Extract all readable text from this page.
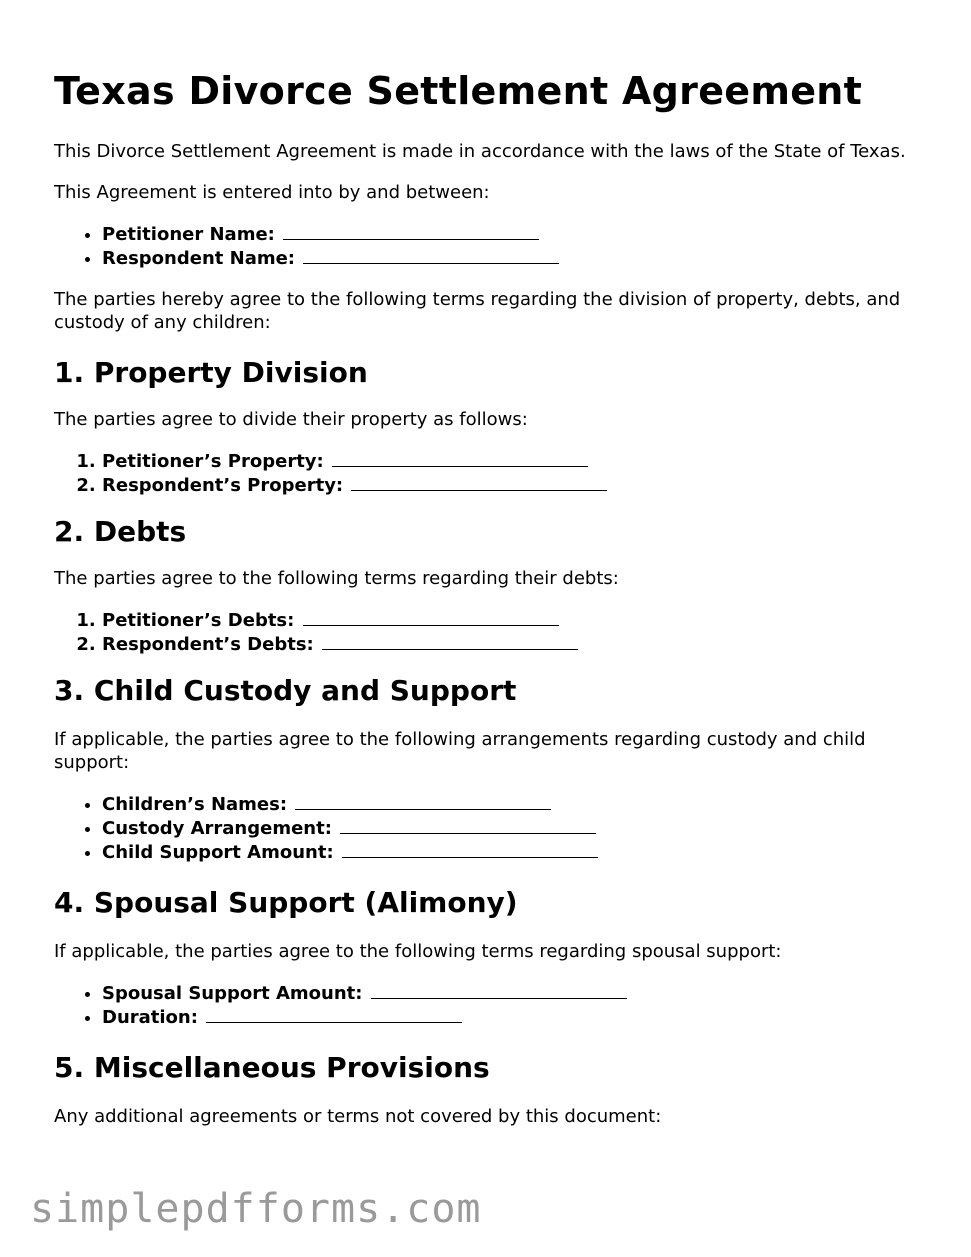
Texas Divorce Settlement Agreement

This Divorce Settlement Agreement is made in accordance with the laws of the State of Texas.

This Agreement is entered into by and between:

• Petitioner Name:
• Respondent Name:

The parties hereby agree to the following terms regarding the division of property, debts, and custody of any children:

1. Property Division

The parties agree to divide their property as follows:

1. Petitioner’s Property:
2. Respondent’s Property:
2. Debts

The parties agree to the following terms regarding their debts:

1. Petitioner’s Debts:
2. Respondent’s Debts:
3. Child Custody and Support

If applicable, the parties agree to the following arrangements regarding custody and child support:

• Children’s Names:
• Custody Arrangement:
• Child Support Amount:
4. Spousal Support (Alimony)

If applicable, the parties agree to the following terms regarding spousal support:

• Spousal Support Amount:
• Duration:
5. Miscellaneous Provisions

Any additional agreements or terms not covered by this document:

simplepdfforms.com
